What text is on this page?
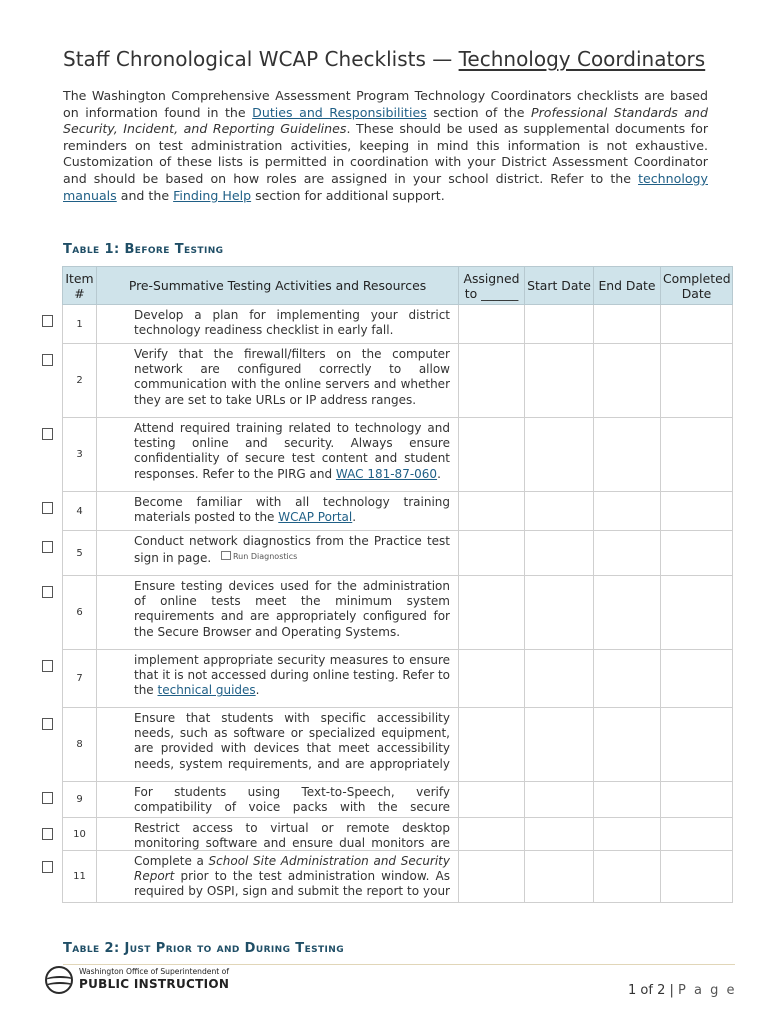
Staff Chronological WCAP Checklists — Technology Coordinators

The Washington Comprehensive Assessment Program Technology Coordinators checklists are based on information found in the Duties and Responsibilities section of the Professional Standards and Security, Incident, and Reporting Guidelines. These should be used as supplemental documents for reminders on test administration activities, keeping in mind this information is not exhaustive. Customization of these lists is permitted in coordination with your District Assessment Coordinator and should be based on how roles are assigned in your school district. Refer to the technology manuals and the Finding Help section for additional support.

Table 1: Before Testing
Item #	Pre-Summative Testing Activities and Resources	Assigned to ______	Start Date	End Date	Completed Date
1	Develop a plan for implementing your district technology readiness checklist in early fall.				

2	Verify that the firewall/filters on the computer network are configured correctly to allow communication with the online servers and whether they are set to take URLs or IP address ranges.				

3	Attend required training related to technology and testing online and security. Always ensure confidentiality of secure test content and student responses. Refer to the PIRG and WAC 181-87-060.				

4	Become familiar with all technology training materials posted to the WCAP Portal.				

5	Conduct network diagnostics from the Practice test sign in page. Run Diagnostics				

6	Ensure testing devices used for the administration of online tests meet the minimum system requirements and are appropriately configured for the Secure Browser and Operating Systems.				

7	implement appropriate security measures to ensure that it is not accessed during online testing. Refer to the technical guides.				

8	Ensure that students with specific accessibility needs, such as software or specialized equipment, are provided with devices that meet accessibility needs, system requirements, and are appropriately				

9	For students using Text-to-Speech, verify compatibility of voice packs with the secure				

10	Restrict access to virtual or remote desktop monitoring software and ensure dual monitors are				

11	Complete a School Site Administration and Security Report prior to the test administration window. As required by OSPI, sign and submit the report to your				

Table 2: Just Prior to and During Testing
Washington Office of Superintendent of
PUBLIC INSTRUCTION	1 of 2 | P a g e
